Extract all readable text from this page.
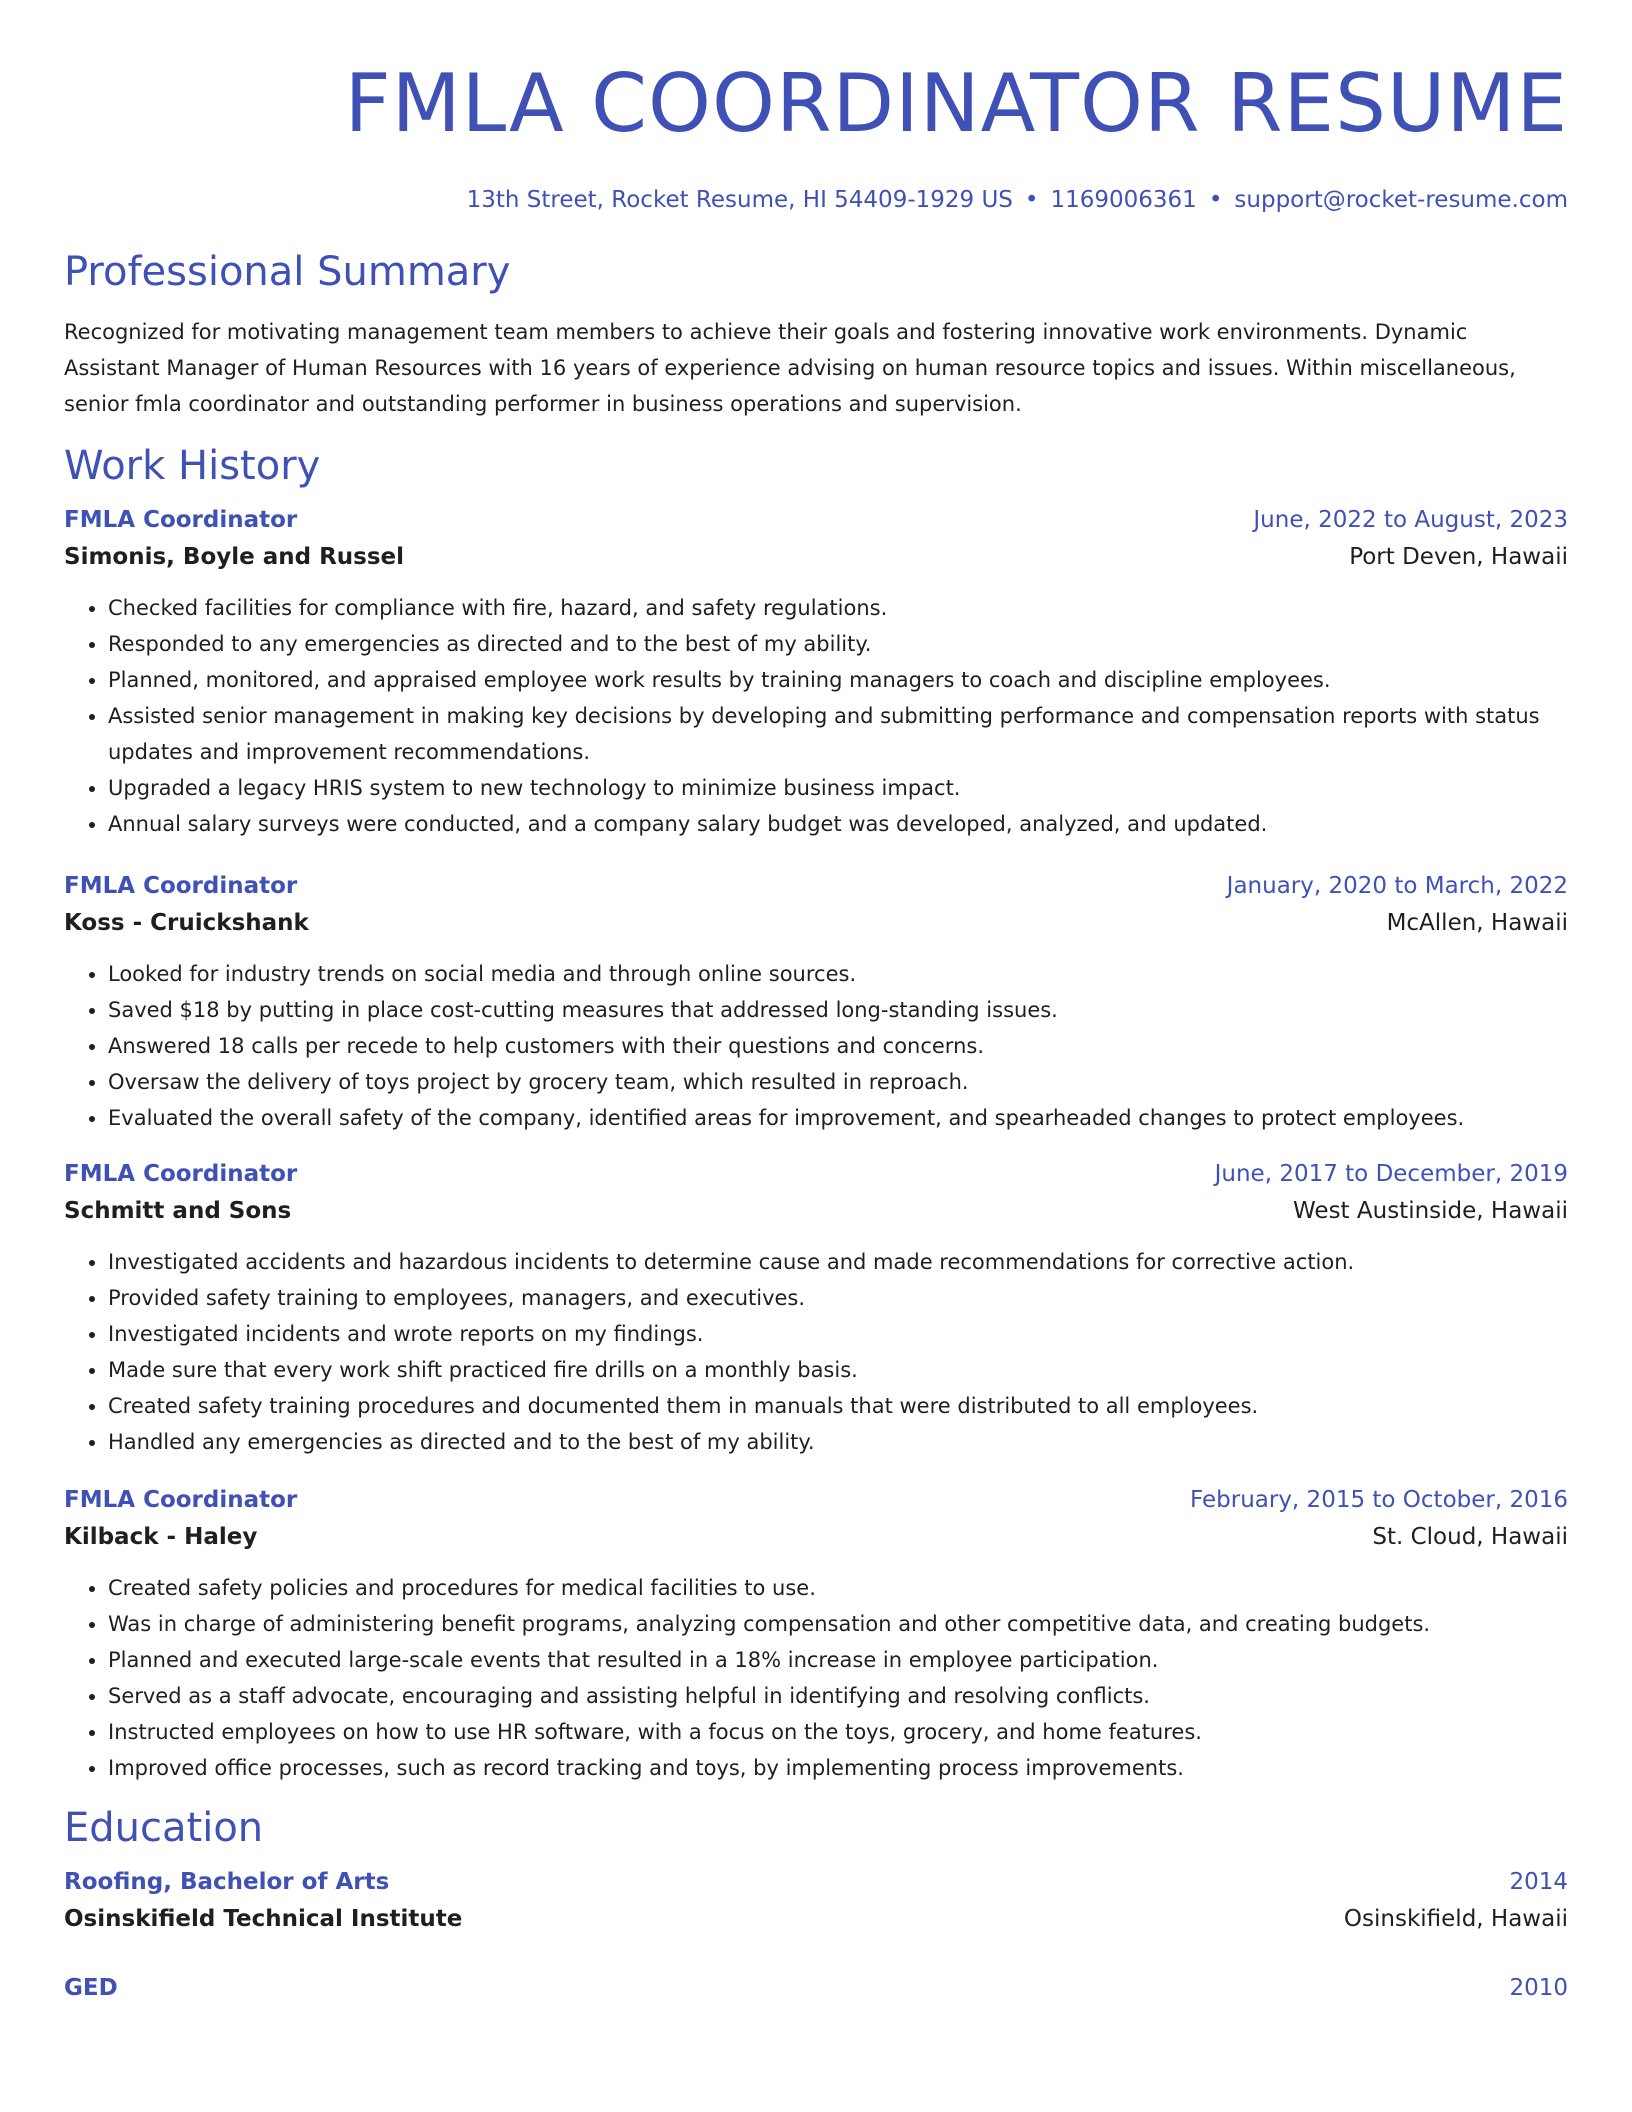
FMLA COORDINATOR RESUME
13th Street, Rocket Resume, HI 54409-1929 US • 1169006361 • support@rocket-resume.com
Professional Summary

Recognized for motivating management team members to achieve their goals and fostering innovative work environments. Dynamic Assistant Manager of Human Resources with 16 years of experience advising on human resource topics and issues. Within miscellaneous, senior fmla coordinator and outstanding performer in business operations and supervision.

Work History
FMLA Coordinator	June, 2022 to August, 2023
Simonis, Boyle and Russel	Port Deven, Hawaii
• Checked facilities for compliance with fire, hazard, and safety regulations.
• Responded to any emergencies as directed and to the best of my ability.
• Planned, monitored, and appraised employee work results by training managers to coach and discipline employees.
• Assisted senior management in making key decisions by developing and submitting performance and compensation reports with status updates and improvement recommendations.
• Upgraded a legacy HRIS system to new technology to minimize business impact.
• Annual salary surveys were conducted, and a company salary budget was developed, analyzed, and updated.
FMLA Coordinator	January, 2020 to March, 2022
Koss - Cruickshank	McAllen, Hawaii
• Looked for industry trends on social media and through online sources.
• Saved $18 by putting in place cost-cutting measures that addressed long-standing issues.
• Answered 18 calls per recede to help customers with their questions and concerns.
• Oversaw the delivery of toys project by grocery team, which resulted in reproach.
• Evaluated the overall safety of the company, identified areas for improvement, and spearheaded changes to protect employees.
FMLA Coordinator	June, 2017 to December, 2019
Schmitt and Sons	West Austinside, Hawaii
• Investigated accidents and hazardous incidents to determine cause and made recommendations for corrective action.
• Provided safety training to employees, managers, and executives.
• Investigated incidents and wrote reports on my findings.
• Made sure that every work shift practiced fire drills on a monthly basis.
• Created safety training procedures and documented them in manuals that were distributed to all employees.
• Handled any emergencies as directed and to the best of my ability.
FMLA Coordinator	February, 2015 to October, 2016
Kilback - Haley	St. Cloud, Hawaii
• Created safety policies and procedures for medical facilities to use.
• Was in charge of administering benefit programs, analyzing compensation and other competitive data, and creating budgets.
• Planned and executed large-scale events that resulted in a 18% increase in employee participation.
• Served as a staff advocate, encouraging and assisting helpful in identifying and resolving conflicts.
• Instructed employees on how to use HR software, with a focus on the toys, grocery, and home features.
• Improved office processes, such as record tracking and toys, by implementing process improvements.
Education
Roofing, Bachelor of Arts	2014
Osinskifield Technical Institute	Osinskifield, Hawaii
GED	2010
